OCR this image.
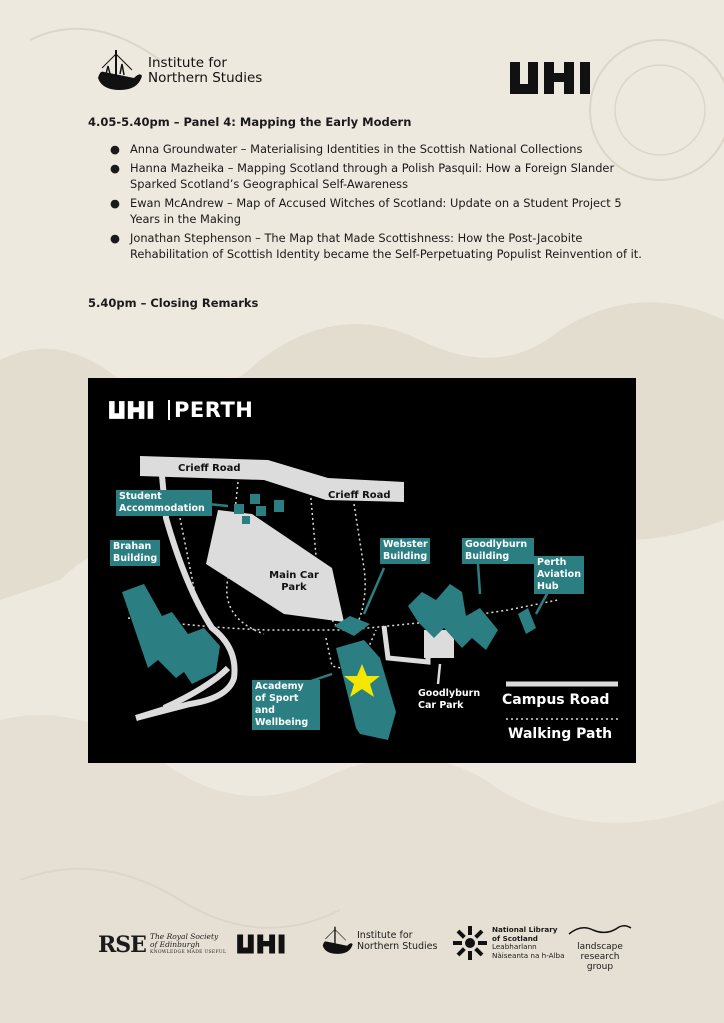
Institute for
Northern Studies
4.05-5.40pm – Panel 4: Mapping the Early Modern
● Anna Groundwater – Materialising Identities in the Scottish National Collections
● Hanna Mazheika – Mapping Scotland through a Polish Pasquil: How a Foreign Slander Sparked Scotland’s Geographical Self-Awareness
● Ewan McAndrew – Map of Accused Witches of Scotland: Update on a Student Project 5 Years in the Making
● Jonathan Stephenson – The Map that Made Scottishness: How the Post-Jacobite Rehabilitation of Scottish Identity became the Self-Perpetuating Populist Reinvention of it.
5.40pm – Closing Remarks
PERTH
Crieff Road
Crieff Road
Student Accommodation
Brahan Building
Webster Building
Goodlyburn Building
Perth Aviation Hub
Academy of Sport and Wellbeing
Main Car Park
Goodlyburn Car Park	Campus Road
Walking Path
RSE The Royal Society
of Edinburgh
KNOWLEDGE MADE USEFUL
Institute for
Northern Studies
National Library
of Scotland
Leabharlann
Nàiseanta na h-Alba
landscape
research
group
